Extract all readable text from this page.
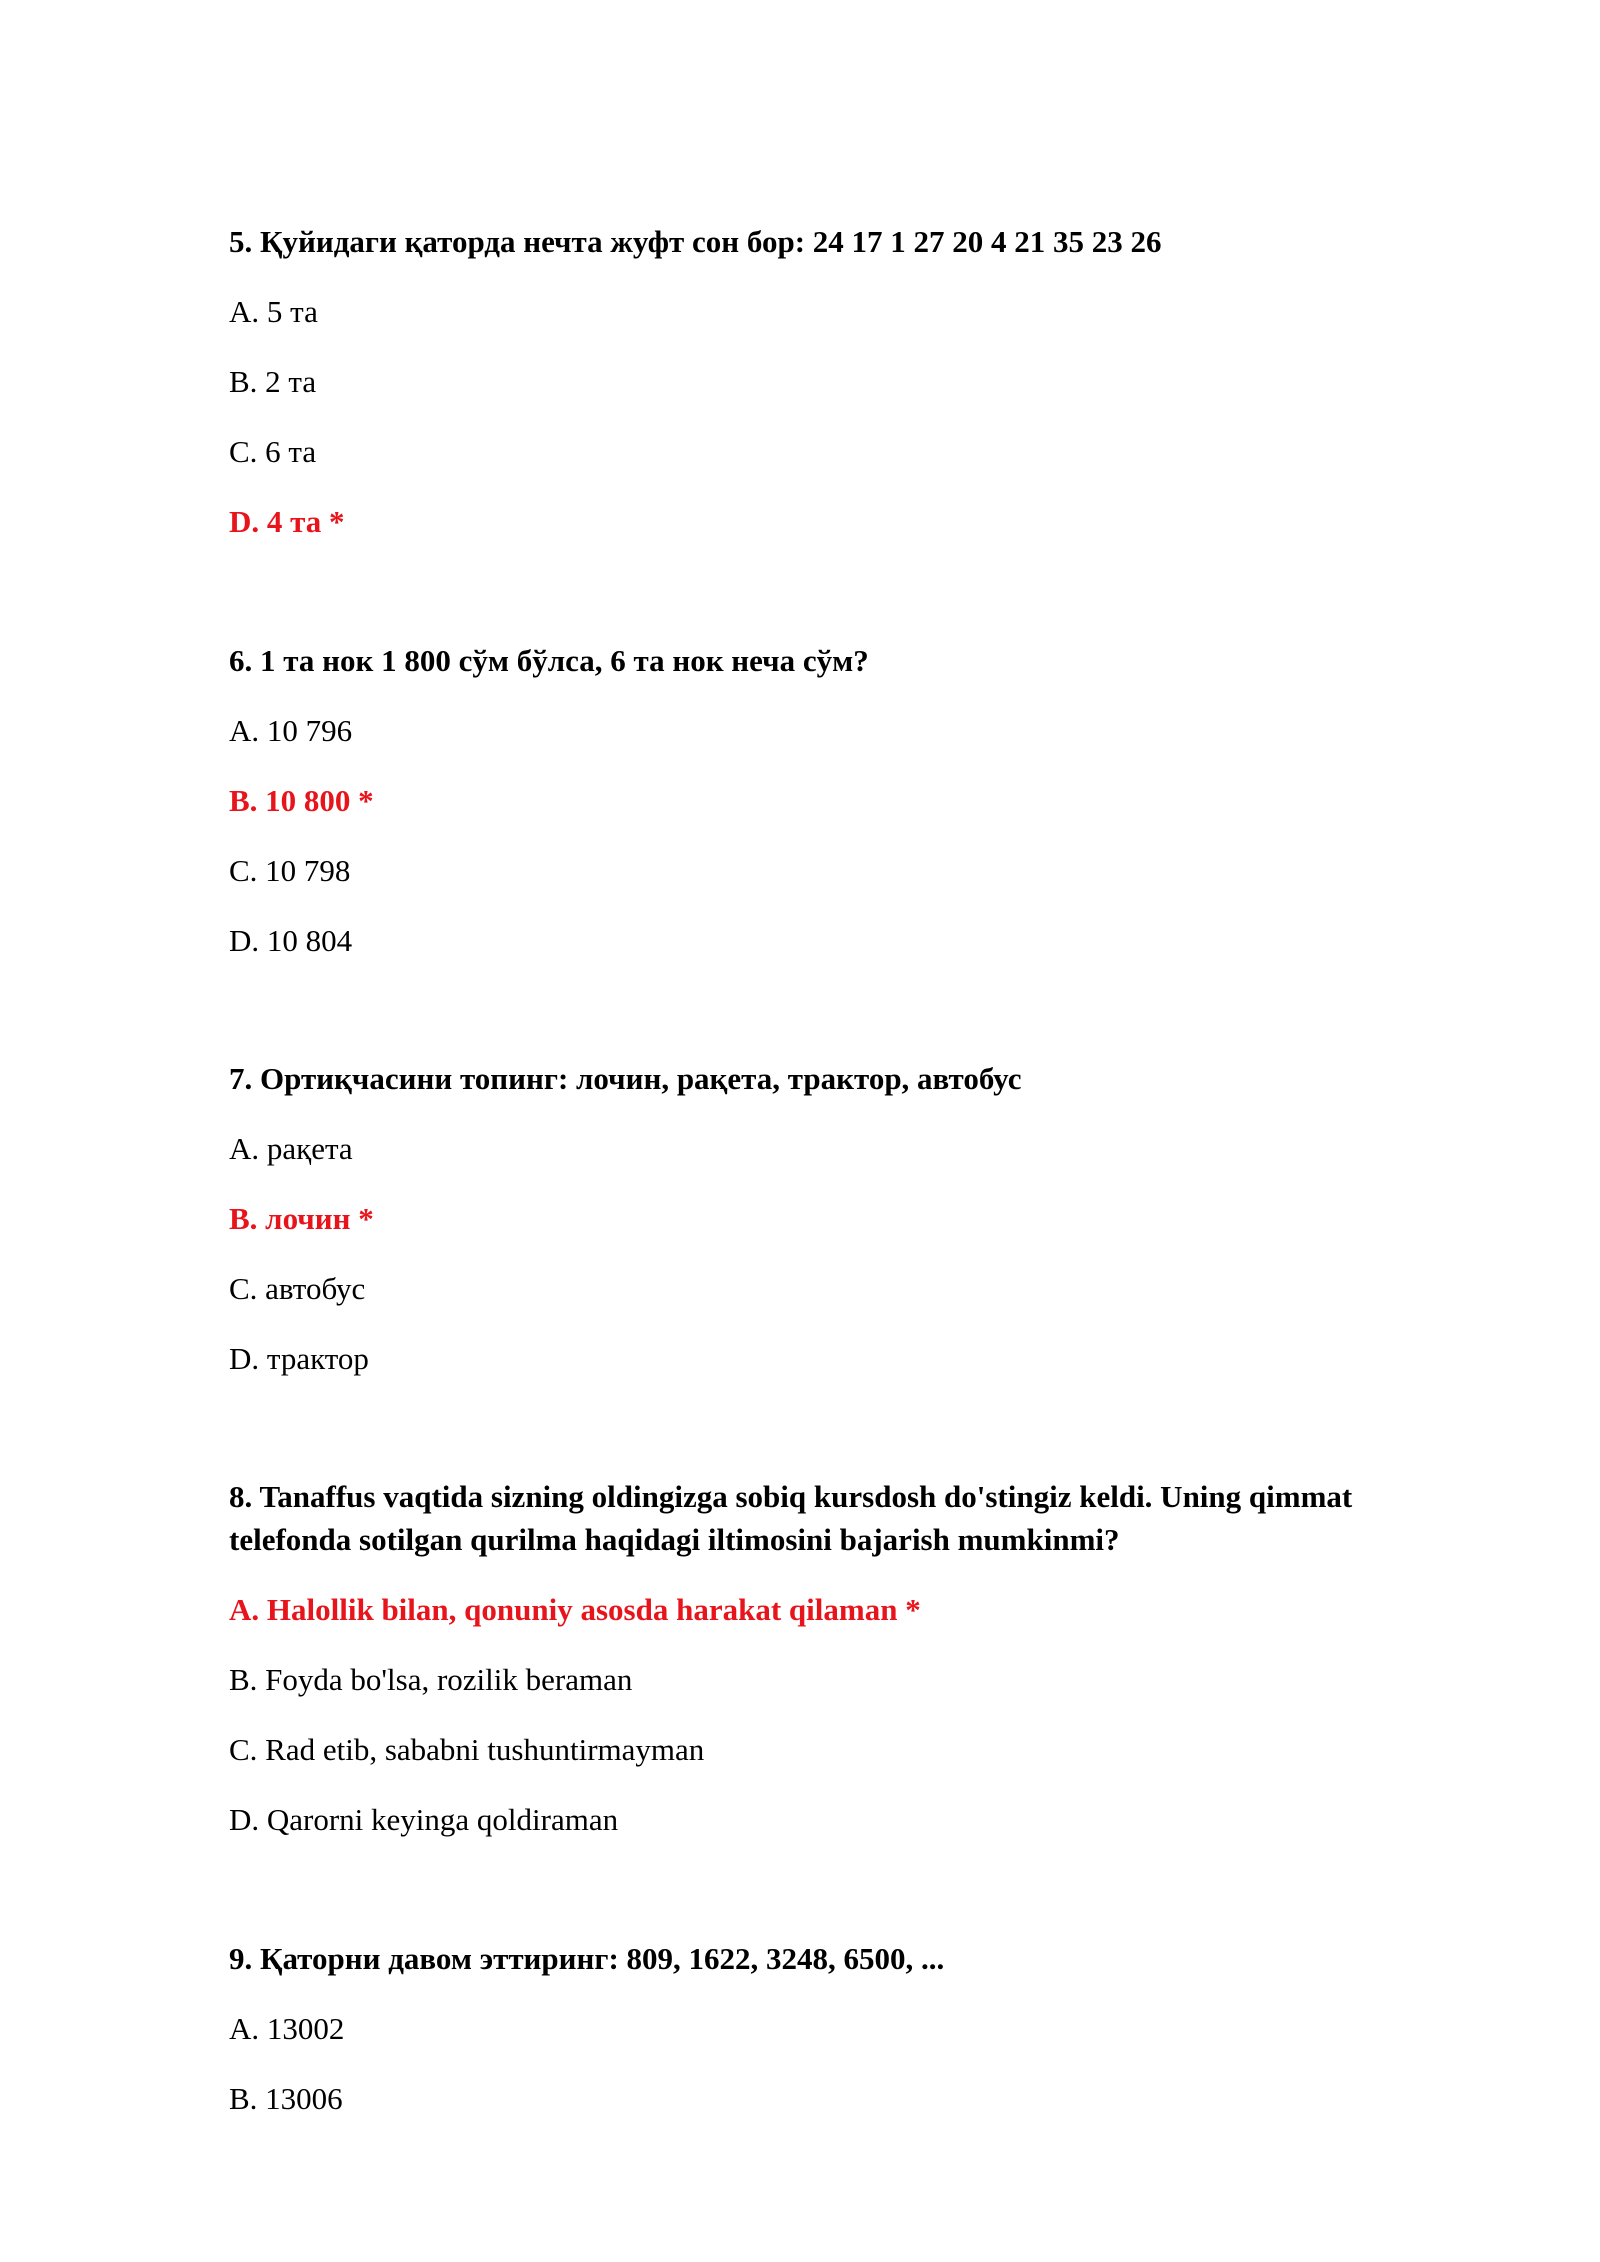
5. Қуйидаги қаторда нечта жуфт сон бор: 24 17 1 27 20 4 21 35 23 26

A. 5 та

B. 2 та

C. 6 та

D. 4 та *

6. 1 та нок 1 800 сўм бўлса, 6 та нок неча сўм?

A. 10 796

B. 10 800 *

C. 10 798

D. 10 804

7. Ортиқчасини топинг: лочин, рақета, трактор, автобус

A. рақета

B. лочин *

C. автобус

D. трактор

8. Tanaffus vaqtida sizning oldingizga sobiq kursdosh do'stingiz keldi. Uning qimmat telefonda sotilgan qurilma haqidagi iltimosini bajarish mumkinmi?

A. Halollik bilan, qonuniy asosda harakat qilaman *

B. Foyda bo'lsa, rozilik beraman

C. Rad etib, sababni tushuntirmayman

D. Qarorni keyinga qoldiraman

9. Қаторни давом эттиринг: 809, 1622, 3248, 6500, ...

A. 13002

B. 13006
